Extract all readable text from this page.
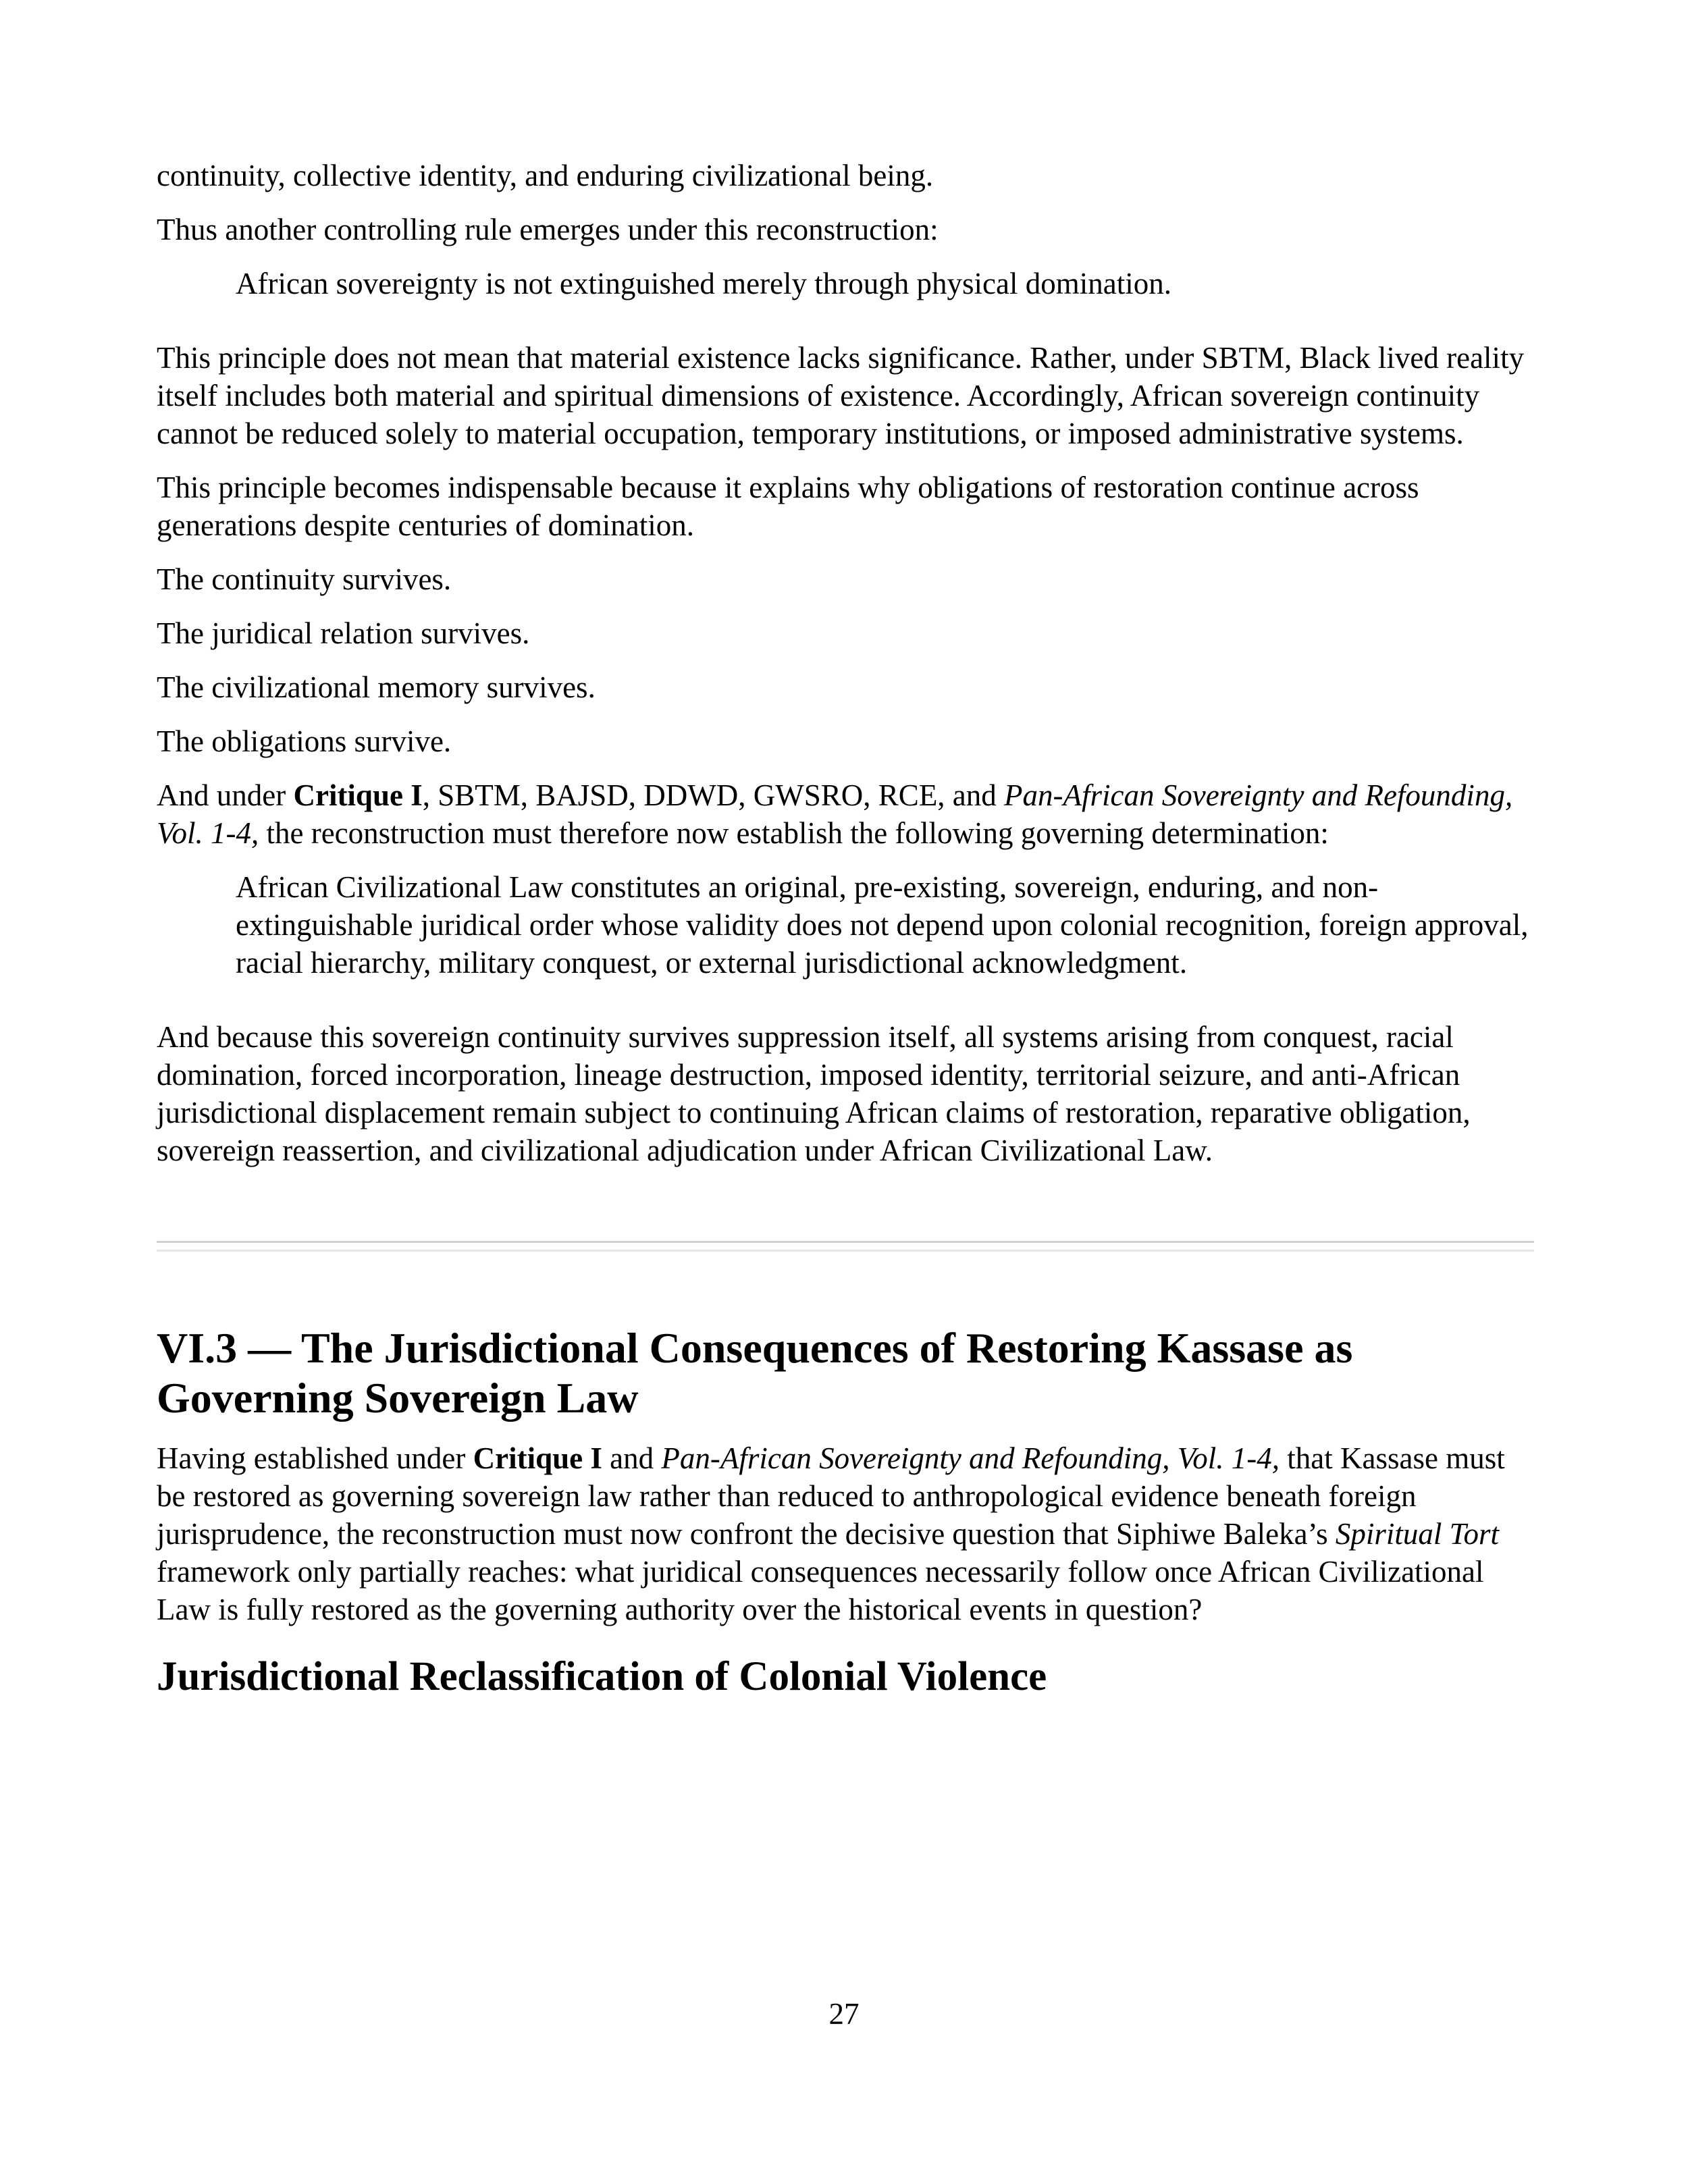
continuity, collective identity, and enduring civilizational being.

Thus another controlling rule emerges under this reconstruction:

African sovereignty is not extinguished merely through physical domination.

This principle does not mean that material existence lacks significance. Rather, under SBTM, Black lived reality itself includes both material and spiritual dimensions of existence. Accordingly, African sovereign continuity cannot be reduced solely to material occupation, temporary institutions, or imposed administrative systems.

This principle becomes indispensable because it explains why obligations of restoration continue across generations despite centuries of domination.

The continuity survives.

The juridical relation survives.

The civilizational memory survives.

The obligations survive.

And under Critique I, SBTM, BAJSD, DDWD, GWSRO, RCE, and Pan-African Sovereignty and Refounding, Vol. 1-4, the reconstruction must therefore now establish the following governing determination:

African Civilizational Law constitutes an original, pre-existing, sovereign, enduring, and non-extinguishable juridical order whose validity does not depend upon colonial recognition, foreign approval, racial hierarchy, military conquest, or external jurisdictional acknowledgment.

And because this sovereign continuity survives suppression itself, all systems arising from conquest, racial domination, forced incorporation, lineage destruction, imposed identity, territorial seizure, and anti-African jurisdictional displacement remain subject to continuing African claims of restoration, reparative obligation, sovereign reassertion, and civilizational adjudication under African Civilizational Law.

VI.3 — The Jurisdictional Consequences of Restoring Kassase as Governing Sovereign Law

Having established under Critique I and Pan-African Sovereignty and Refounding, Vol. 1-4, that Kassase must be restored as governing sovereign law rather than reduced to anthropological evidence beneath foreign jurisprudence, the reconstruction must now confront the decisive question that Siphiwe Baleka’s Spiritual Tort framework only partially reaches: what juridical consequences necessarily follow once African Civilizational Law is fully restored as the governing authority over the historical events in question?

Jurisdictional Reclassification of Colonial Violence
27
